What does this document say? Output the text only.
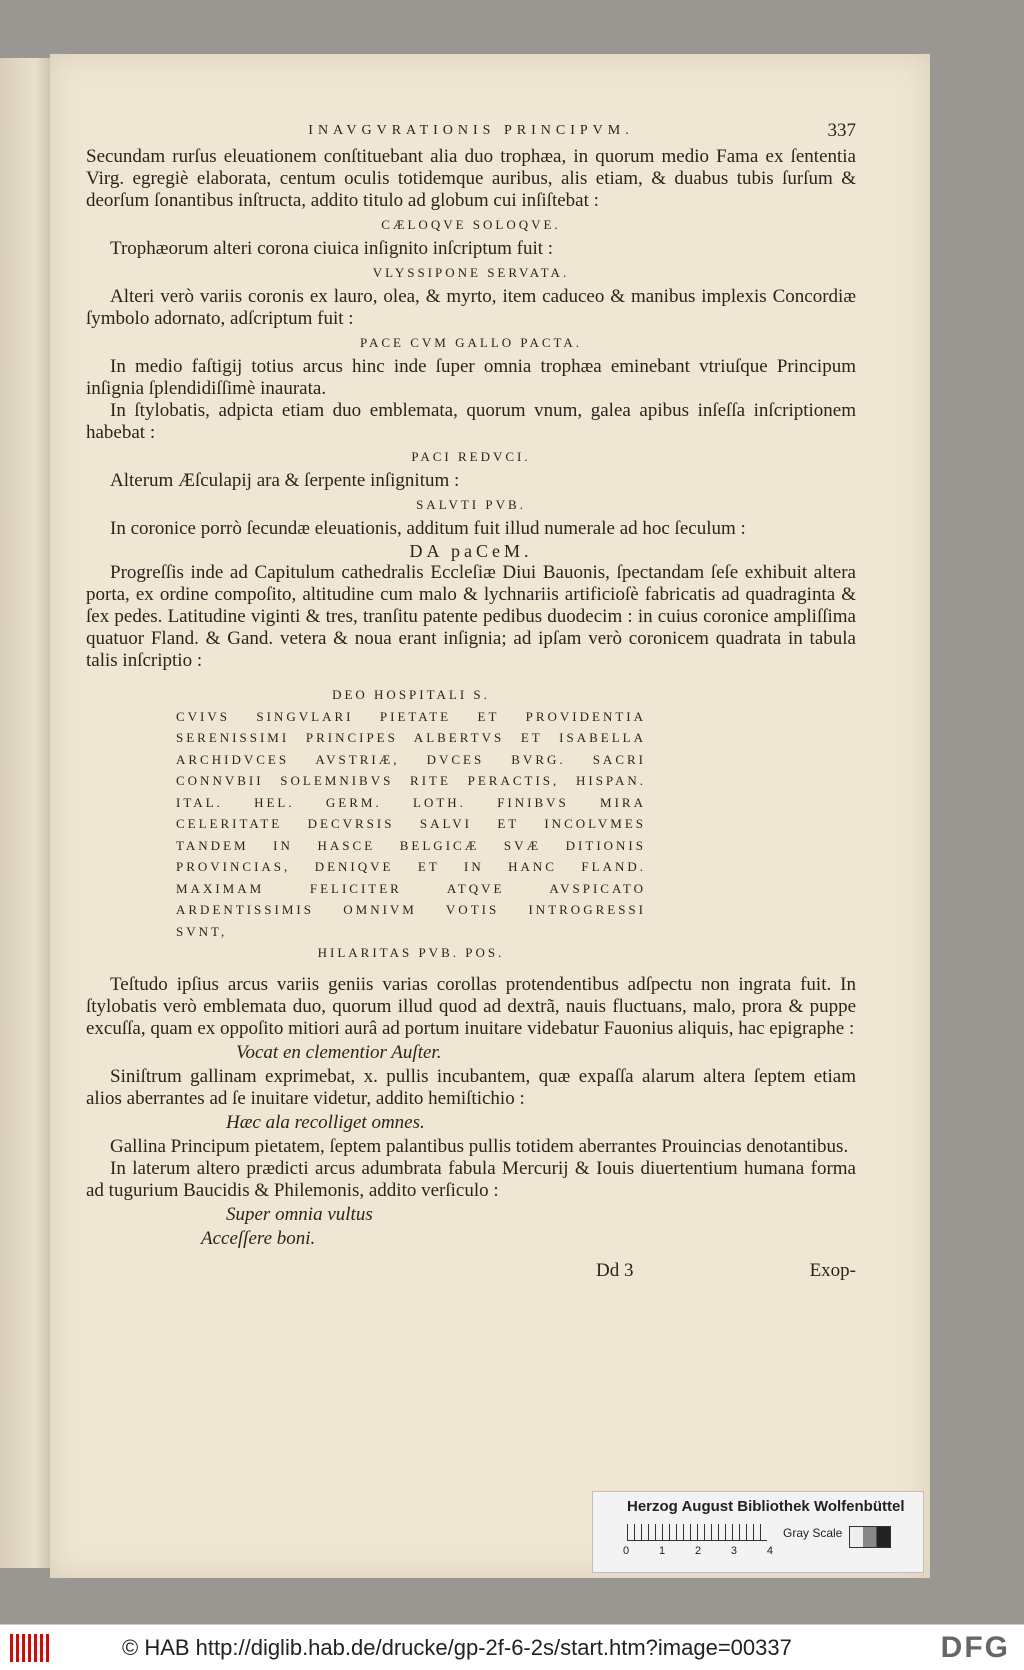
INAVGVRATIONIS PRINCIPVM.	337

Secundam rurſus eleuationem conſtituebant alia duo trophæa, in quorum medio Fama ex ſententia Virg. egregiè elaborata, centum oculis totidemque auribus, alis etiam, & duabus tubis ſurſum & deorſum ſonantibus inſtructa, addito titulo ad globum cui inſiſtebat :

CÆLOQVE SOLOQVE.

Trophæorum alteri corona ciuica inſignito inſcriptum fuit :

VLYSSIPONE SERVATA.

Alteri verò variis coronis ex lauro, olea, & myrto, item caduceo & manibus implexis Concordiæ ſymbolo adornato, adſcriptum fuit :

PACE CVM GALLO PACTA.

In medio faſtigij totius arcus hinc inde ſuper omnia trophæa eminebant vtriuſque Principum inſignia ſplendidiſſimè inaurata.

In ſtylobatis, adpicta etiam duo emblemata, quorum vnum, galea apibus inſeſſa inſcriptionem habebat :

PACI REDVCI.

Alterum Æſculapij ara & ſerpente inſignitum :

SALVTI PVB.

In coronice porrò ſecundæ eleuationis, additum fuit illud numerale ad hoc ſeculum :

DA paCeM.

Progreſſis inde ad Capitulum cathedralis Eccleſiæ Diui Bauonis, ſpectandam ſeſe exhibuit altera porta, ex ordine compoſito, altitudine cum malo & lychnariis artificioſè fabricatis ad quadraginta & ſex pedes. Latitudine viginti & tres, tranſitu patente pedibus duodecim : in cuius coronice ampliſſima quatuor Fland. & Gand. vetera & noua erant inſignia; ad ipſam verò coronicem quadrata in tabula talis inſcriptio :

DEO HOSPITALI S.
CVIVS SINGVLARI PIETATE ET PROVIDENTIA
SERENISSIMI PRINCIPES ALBERTVS ET ISABELLA
ARCHIDVCES AVSTRIÆ, DVCES BVRG. SACRI
CONNVBII SOLEMNIBVS RITE PERACTIS, HISPAN.
ITAL. HEL. GERM. LOTH. FINIBVS MIRA
CELERITATE DECVRSIS SALVI ET INCOLVMES
TANDEM IN HASCE BELGICÆ SVÆ DITIONIS
PROVINCIAS, DENIQVE ET IN HANC FLAND.
MAXIMAM FELICITER ATQVE AVSPICATO
ARDENTISSIMIS OMNIVM VOTIS INTROGRESSI
SVNT,
HILARITAS PVB. POS.

Teſtudo ipſius arcus variis geniis varias corollas protendentibus adſpectu non ingrata fuit. In ſtylobatis verò emblemata duo, quorum illud quod ad dextrã, nauis fluctuans, malo, prora & puppe excuſſa, quam ex oppoſito mitiori aurâ ad portum inuitare videbatur Fauonius aliquis, hac epigraphe :

Vocat en clementior Auſter.

Siniſtrum gallinam exprimebat, x. pullis incubantem, quæ expaſſa alarum altera ſeptem etiam alios aberrantes ad ſe inuitare videtur, addito hemiſtichio :

Hæc ala recolliget omnes.

Gallina Principum pietatem, ſeptem palantibus pullis totidem aberrantes Prouincias denotantibus.

In laterum altero prædicti arcus adumbrata fabula Mercurij & Iouis diuertentium humana forma ad tugurium Baucidis & Philemonis, addito verſiculo :

Super omnia vultus

Acceſſere boni.

Dd 3	Exop-
Herzog August Bibliothek Wolfenbüttel
0	1	2	3	4
Gray Scale
© HAB http://diglib.hab.de/drucke/gp-2f-6-2s/start.htm?image=00337	DFG
